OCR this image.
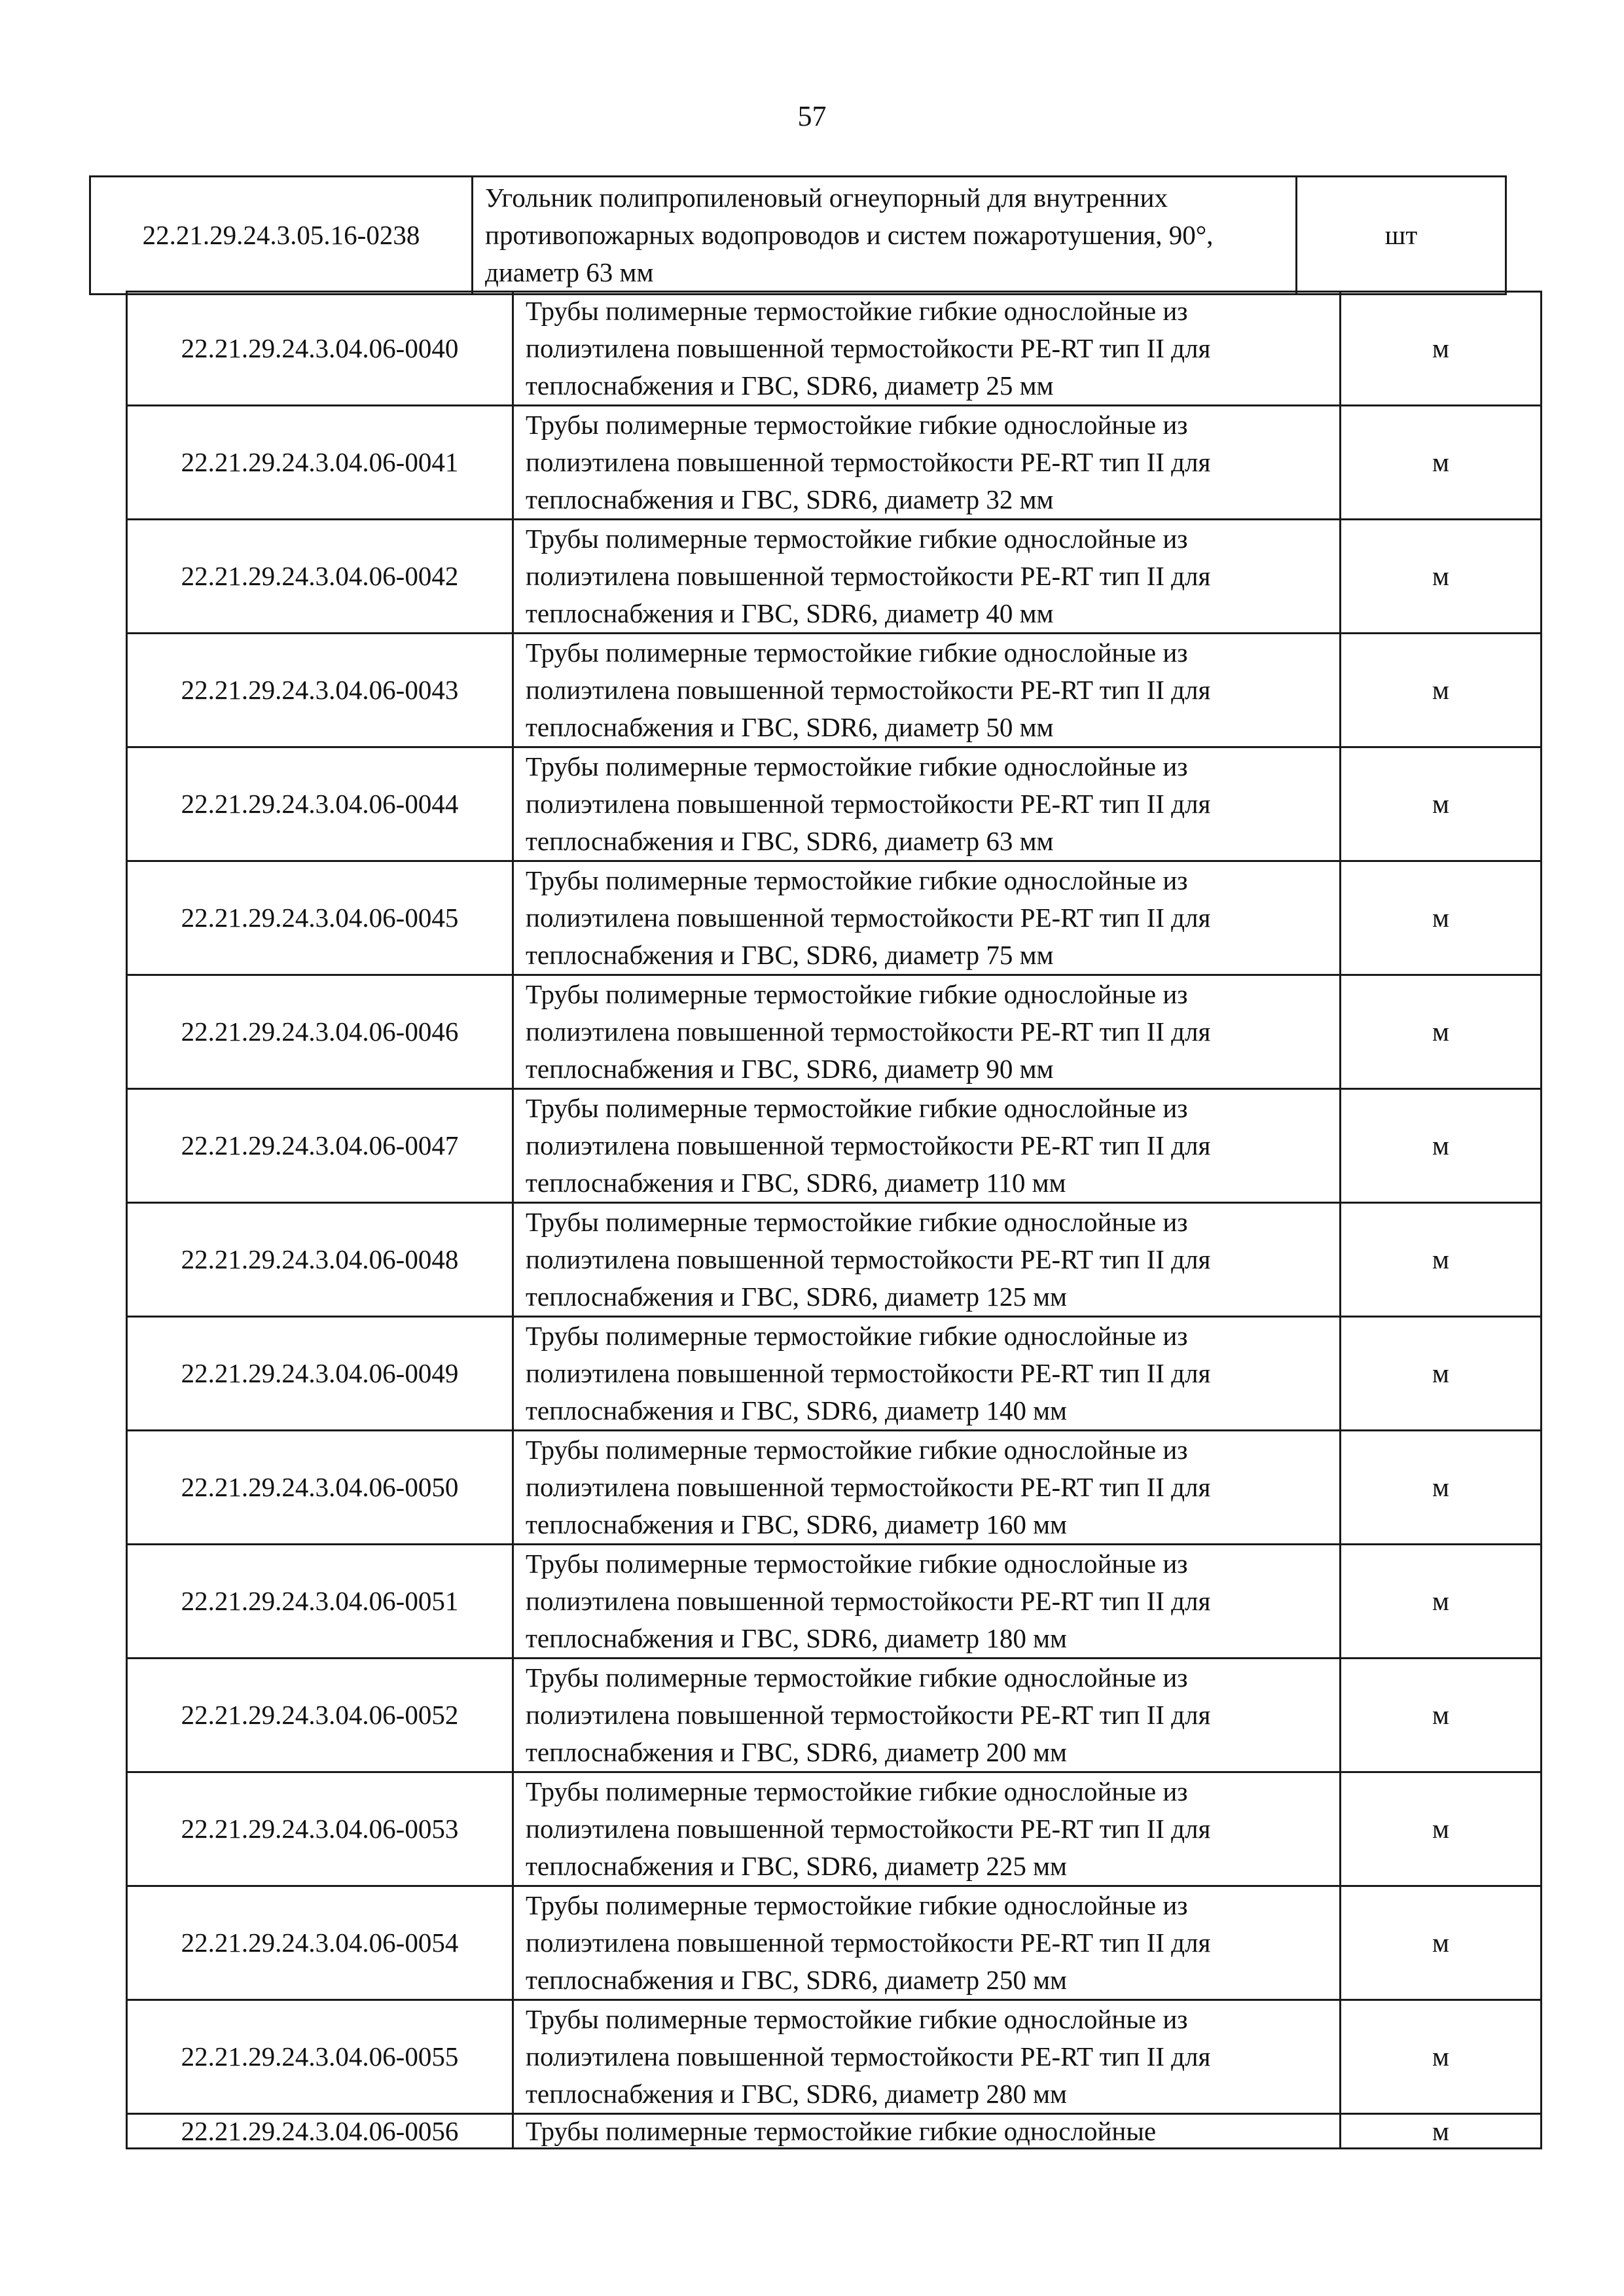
57
22.21.29.24.3.05.16-0238	Угольник полипропиленовый огнеупорный для внутренних противопожарных водопроводов и систем пожаротушения, 90°, диаметр 63 мм	шт
22.21.29.24.3.04.06-0040	Трубы полимерные термостойкие гибкие однослойные из полиэтилена повышенной термостойкости PE-RT тип II для теплоснабжения и ГВС, SDR6, диаметр 25 мм	м
22.21.29.24.3.04.06-0041	Трубы полимерные термостойкие гибкие однослойные из полиэтилена повышенной термостойкости PE-RT тип II для теплоснабжения и ГВС, SDR6, диаметр 32 мм	м
22.21.29.24.3.04.06-0042	Трубы полимерные термостойкие гибкие однослойные из полиэтилена повышенной термостойкости PE-RT тип II для теплоснабжения и ГВС, SDR6, диаметр 40 мм	м
22.21.29.24.3.04.06-0043	Трубы полимерные термостойкие гибкие однослойные из полиэтилена повышенной термостойкости PE-RT тип II для теплоснабжения и ГВС, SDR6, диаметр 50 мм	м
22.21.29.24.3.04.06-0044	Трубы полимерные термостойкие гибкие однослойные из полиэтилена повышенной термостойкости PE-RT тип II для теплоснабжения и ГВС, SDR6, диаметр 63 мм	м
22.21.29.24.3.04.06-0045	Трубы полимерные термостойкие гибкие однослойные из полиэтилена повышенной термостойкости PE-RT тип II для теплоснабжения и ГВС, SDR6, диаметр 75 мм	м
22.21.29.24.3.04.06-0046	Трубы полимерные термостойкие гибкие однослойные из полиэтилена повышенной термостойкости PE-RT тип II для теплоснабжения и ГВС, SDR6, диаметр 90 мм	м
22.21.29.24.3.04.06-0047	Трубы полимерные термостойкие гибкие однослойные из полиэтилена повышенной термостойкости PE-RT тип II для теплоснабжения и ГВС, SDR6, диаметр 110 мм	м
22.21.29.24.3.04.06-0048	Трубы полимерные термостойкие гибкие однослойные из полиэтилена повышенной термостойкости PE-RT тип II для теплоснабжения и ГВС, SDR6, диаметр 125 мм	м
22.21.29.24.3.04.06-0049	Трубы полимерные термостойкие гибкие однослойные из полиэтилена повышенной термостойкости PE-RT тип II для теплоснабжения и ГВС, SDR6, диаметр 140 мм	м
22.21.29.24.3.04.06-0050	Трубы полимерные термостойкие гибкие однослойные из полиэтилена повышенной термостойкости PE-RT тип II для теплоснабжения и ГВС, SDR6, диаметр 160 мм	м
22.21.29.24.3.04.06-0051	Трубы полимерные термостойкие гибкие однослойные из полиэтилена повышенной термостойкости PE-RT тип II для теплоснабжения и ГВС, SDR6, диаметр 180 мм	м
22.21.29.24.3.04.06-0052	Трубы полимерные термостойкие гибкие однослойные из полиэтилена повышенной термостойкости PE-RT тип II для теплоснабжения и ГВС, SDR6, диаметр 200 мм	м
22.21.29.24.3.04.06-0053	Трубы полимерные термостойкие гибкие однослойные из полиэтилена повышенной термостойкости PE-RT тип II для теплоснабжения и ГВС, SDR6, диаметр 225 мм	м
22.21.29.24.3.04.06-0054	Трубы полимерные термостойкие гибкие однослойные из полиэтилена повышенной термостойкости PE-RT тип II для теплоснабжения и ГВС, SDR6, диаметр 250 мм	м
22.21.29.24.3.04.06-0055	Трубы полимерные термостойкие гибкие однослойные из полиэтилена повышенной термостойкости PE-RT тип II для теплоснабжения и ГВС, SDR6, диаметр 280 мм	м
22.21.29.24.3.04.06-0056	Трубы полимерные термостойкие гибкие однослойные	м
